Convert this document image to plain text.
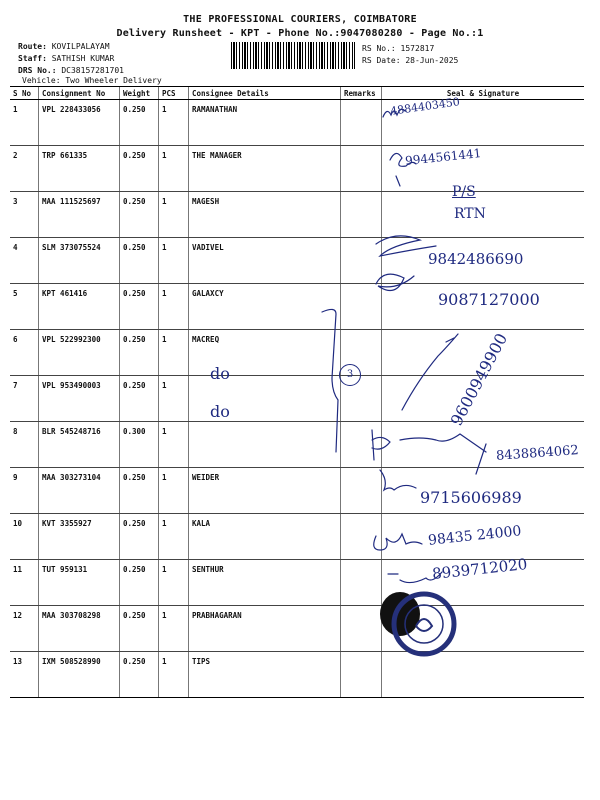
THE PROFESSIONAL COURIERS, COIMBATORE
Delivery Runsheet - KPT - Phone No.:9047080280 - Page No.:1
Route: KOVILPALAYAM
Staff: SATHISH KUMAR
DRS No.: DC38157281701
Vehicle: Two Wheeler Delivery
RS No.: 1572817
RS Date: 28-Jun-2025
S No	Consignment No	Weight	PCS	Consignee Details	Remarks	Seal & Signature
1	VPL 228433056	0.250	1	RAMANATHAN		
2	TRP 661335	0.250	1	THE MANAGER		
3	MAA 111525697	0.250	1	MAGESH		
4	SLM 373075524	0.250	1	VADIVEL		
5	KPT 461416	0.250	1	GALAXCY		
6	VPL 522992300	0.250	1	MACREQ		
7	VPL 953490003	0.250	1			
8	BLR 545248716	0.300	1			
9	MAA 303273104	0.250	1	WEIDER		
10	KVT 3355927	0.250	1	KALA		
11	TUT 959131	0.250	1	SENTHUR		
12	MAA 303708298	0.250	1	PRABHAGARAN		
13	IXM 508528990	0.250	1	TIPS		
4884403450
9944561441
P/S
RTN
9842486690
9087127000
9600949900
do
do
3
8438864062
9715606989
98435 24000
8939712020
